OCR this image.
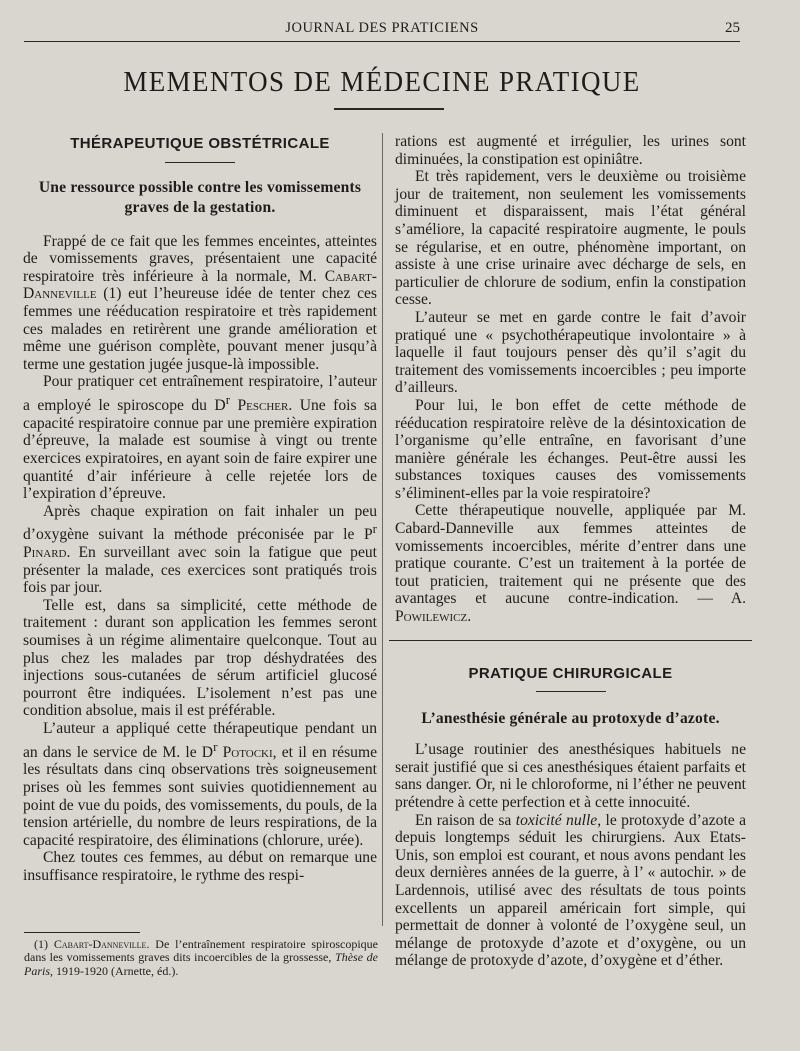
JOURNAL DES PRATICIENS	25
MEMENTOS DE MÉDECINE PRATIQUE
THÉRAPEUTIQUE OBSTÉTRICALE
Une ressource possible contre les vomissements graves de la gestation.

Frappé de ce fait que les femmes enceintes, atteintes de vomissements graves, présentaient une capacité respiratoire très inférieure à la normale, M. Cabart-Danneville (1) eut l’heureuse idée de tenter chez ces femmes une rééducation respiratoire et très rapidement ces malades en retirèrent une grande amélioration et même une guérison complète, pouvant mener jusqu’à terme une gestation jugée jusque-là impossible.

Pour pratiquer cet entraînement respiratoire, l’auteur a employé le spiroscope du $D^r$ Pescher. Une fois sa capacité respiratoire connue par une première expiration d’épreuve, la malade est soumise à vingt ou trente exercices expiratoires, en ayant soin de faire expirer une quantité d’air inférieure à celle rejetée lors de l’expiration d’épreuve.

Après chaque expiration on fait inhaler un peu d’oxygène suivant la méthode préconisée par le $P^r$ Pinard. En surveillant avec soin la fatigue que peut présenter la malade, ces exercices sont pratiqués trois fois par jour.

Telle est, dans sa simplicité, cette méthode de traitement : durant son application les femmes seront soumises à un régime alimentaire quelconque. Tout au plus chez les malades par trop déshydratées des injections sous-cutanées de sérum artificiel glucosé pourront être indiquées. L’isolement n’est pas une condition absolue, mais il est préférable.

L’auteur a appliqué cette thérapeutique pendant un an dans le service de M. le $D^r$ Potocki, et il en résume les résultats dans cinq observations très soigneusement prises où les femmes sont suivies quotidiennement au point de vue du poids, des vomissements, du pouls, de la tension artérielle, du nombre de leurs respirations, de la capacité respiratoire, des éliminations (chlorure, urée).

Chez toutes ces femmes, au début on remarque une insuffisance respiratoire, le rythme des respi-

(1) Cabart-Danneville. De l’entraînement respiratoire spiroscopique dans les vomissements graves dits incoercibles de la grossesse, Thèse de Paris, 1919-1920 (Arnette, éd.).

rations est augmenté et irrégulier, les urines sont diminuées, la constipation est opiniâtre.

Et très rapidement, vers le deuxième ou troisième jour de traitement, non seulement les vomissements diminuent et disparaissent, mais l’état général s’améliore, la capacité respiratoire augmente, le pouls se régularise, et en outre, phénomène important, on assiste à une crise urinaire avec décharge de sels, en particulier de chlorure de sodium, enfin la constipation cesse.

L’auteur se met en garde contre le fait d’avoir pratiqué une « psychothérapeutique involontaire » à laquelle il faut toujours penser dès qu’il s’agit du traitement des vomissements incoercibles ; peu importe d’ailleurs.

Pour lui, le bon effet de cette méthode de rééducation respiratoire relève de la désintoxication de l’organisme qu’elle entraîne, en favorisant d’une manière générale les échanges. Peut-être aussi les substances toxiques causes des vomissements s’éliminent-elles par la voie respiratoire?

Cette thérapeutique nouvelle, appliquée par M. Cabard-Danneville aux femmes atteintes de vomissements incoercibles, mérite d’entrer dans une pratique courante. C’est un traitement à la portée de tout praticien, traitement qui ne présente que des avantages et aucune contre-indication. — A. Powilewicz.

PRATIQUE CHIRURGICALE
L’anesthésie générale au protoxyde d’azote.

L’usage routinier des anesthésiques habituels ne serait justifié que si ces anesthésiques étaient parfaits et sans danger. Or, ni le chloroforme, ni l’éther ne peuvent prétendre à cette perfection et à cette innocuité.

En raison de sa toxicité nulle, le protoxyde d’azote a depuis longtemps séduit les chirurgiens. Aux Etats-Unis, son emploi est courant, et nous avons pendant les deux dernières années de la guerre, à l’ « autochir. » de Lardennois, utilisé avec des résultats de tous points excellents un appareil américain fort simple, qui permettait de donner à volonté de l’oxygène seul, un mélange de protoxyde d’azote et d’oxygène, ou un mélange de protoxyde d’azote, d’oxygène et d’éther.
